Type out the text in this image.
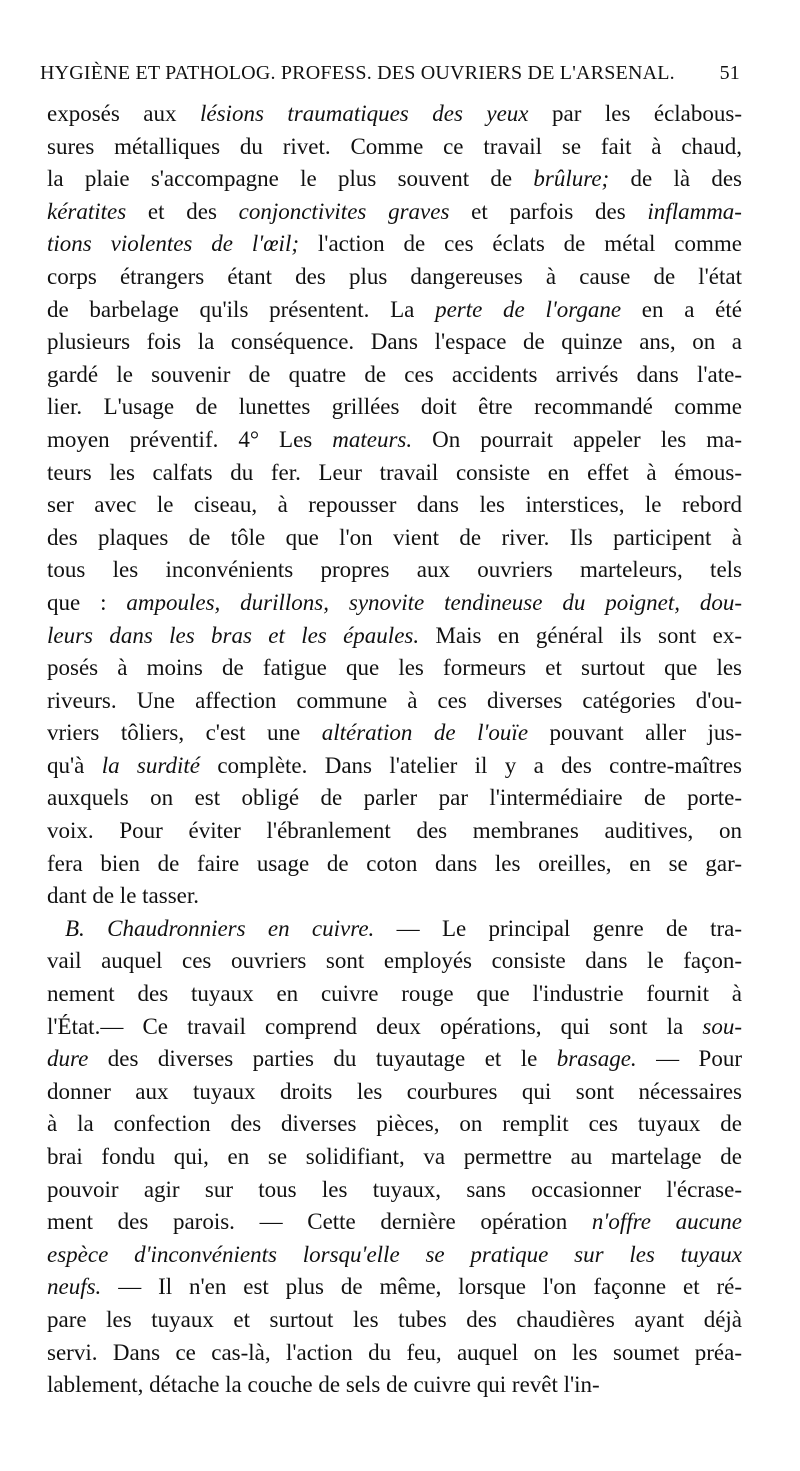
HYGIÈNE ET PATHOLOG. PROFESS. DES OUVRIERS DE L'ARSENAL. 51
exposés aux lésions traumatiques des yeux par les éclabous-
sures métalliques du rivet. Comme ce travail se fait à chaud,
la plaie s'accompagne le plus souvent de brûlure; de là des
kératites et des conjonctivites graves et parfois des inflamma-
tions violentes de l'œil; l'action de ces éclats de métal comme
corps étrangers étant des plus dangereuses à cause de l'état
de barbelage qu'ils présentent. La perte de l'organe en a été
plusieurs fois la conséquence. Dans l'espace de quinze ans, on a
gardé le souvenir de quatre de ces accidents arrivés dans l'ate-
lier. L'usage de lunettes grillées doit être recommandé comme
moyen préventif. 4° Les mateurs. On pourrait appeler les ma-
teurs les calfats du fer. Leur travail consiste en effet à émous-
ser avec le ciseau, à repousser dans les interstices, le rebord
des plaques de tôle que l'on vient de river. Ils participent à
tous les inconvénients propres aux ouvriers marteleurs, tels
que : ampoules, durillons, synovite tendineuse du poignet, dou-
leurs dans les bras et les épaules. Mais en général ils sont ex-
posés à moins de fatigue que les formeurs et surtout que les
riveurs. Une affection commune à ces diverses catégories d'ou-
vriers tôliers, c'est une altération de l'ouïe pouvant aller jus-
qu'à la surdité complète. Dans l'atelier il y a des contre-maîtres
auxquels on est obligé de parler par l'intermédiaire de porte-
voix. Pour éviter l'ébranlement des membranes auditives, on
fera bien de faire usage de coton dans les oreilles, en se gar-
dant de le tasser.
B. Chaudronniers en cuivre. — Le principal genre de tra-
vail auquel ces ouvriers sont employés consiste dans le façon-
nement des tuyaux en cuivre rouge que l'industrie fournit à
l'État.— Ce travail comprend deux opérations, qui sont la sou-
dure des diverses parties du tuyautage et le brasage. — Pour
donner aux tuyaux droits les courbures qui sont nécessaires
à la confection des diverses pièces, on remplit ces tuyaux de
brai fondu qui, en se solidifiant, va permettre au martelage de
pouvoir agir sur tous les tuyaux, sans occasionner l'écrase-
ment des parois. — Cette dernière opération n'offre aucune
espèce d'inconvénients lorsqu'elle se pratique sur les tuyaux
neufs. — Il n'en est plus de même, lorsque l'on façonne et ré-
pare les tuyaux et surtout les tubes des chaudières ayant déjà
servi. Dans ce cas-là, l'action du feu, auquel on les soumet préa-
lablement, détache la couche de sels de cuivre qui revêt l'in-
